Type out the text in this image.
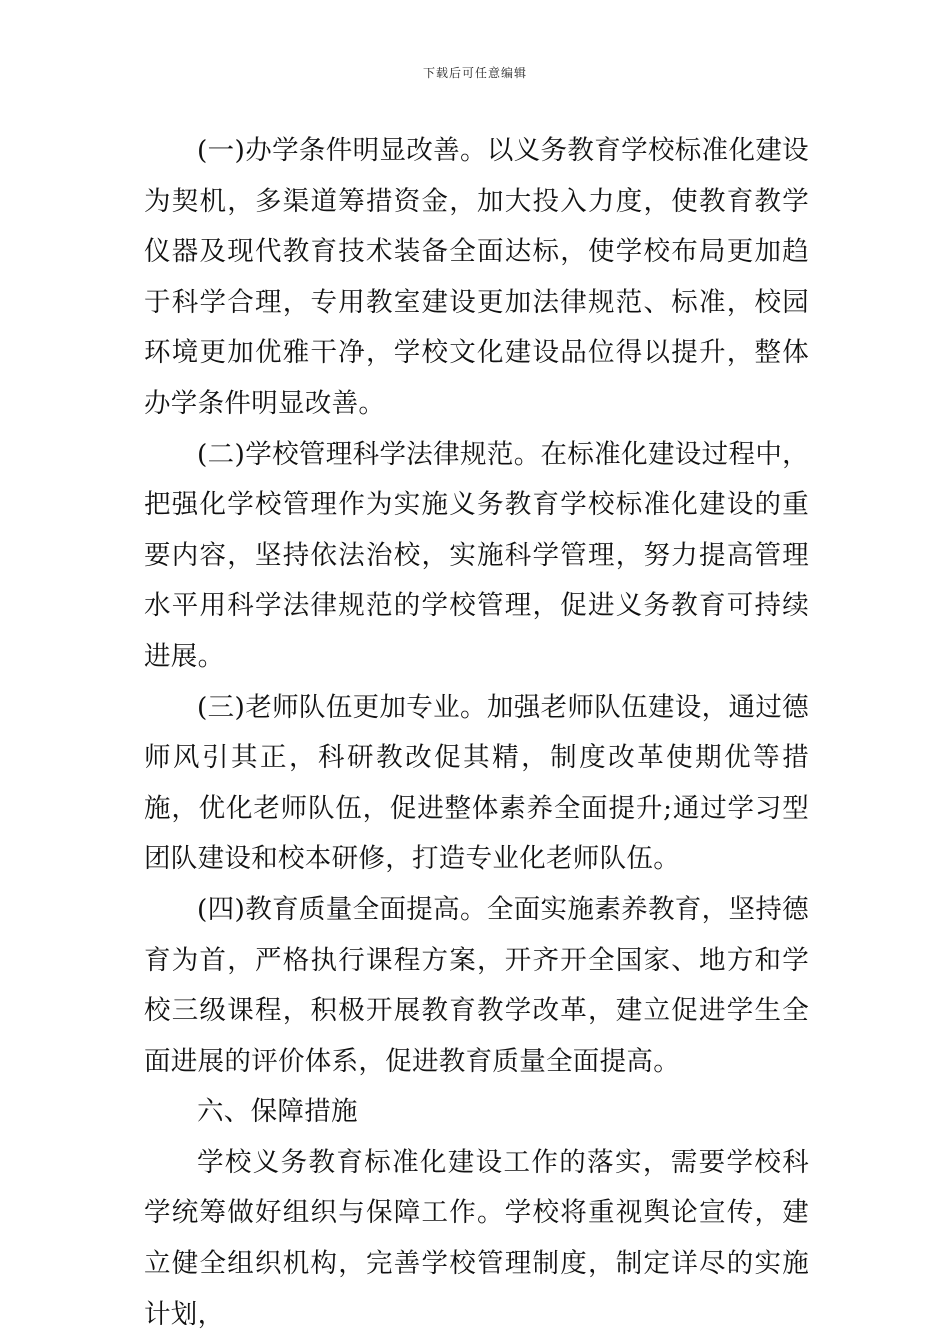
下载后可任意编辑

(一)办学条件明显改善。以义务教育学校标准化建设为契机，多渠道筹措资金，加大投入力度，使教育教学仪器及现代教育技术装备全面达标，使学校布局更加趋于科学合理，专用教室建设更加法律规范、标准，校园环境更加优雅干净，学校文化建设品位得以提升，整体办学条件明显改善。

(二)学校管理科学法律规范。在标准化建设过程中，把强化学校管理作为实施义务教育学校标准化建设的重要内容，坚持依法治校，实施科学管理，努力提高管理水平用科学法律规范的学校管理，促进义务教育可持续进展。

(三)老师队伍更加专业。加强老师队伍建设，通过德师风引其正，科研教改促其精，制度改革使期优等措施，优化老师队伍，促进整体素养全面提升;通过学习型团队建设和校本研修，打造专业化老师队伍。

(四)教育质量全面提高。全面实施素养教育，坚持德育为首，严格执行课程方案，开齐开全国家、地方和学校三级课程，积极开展教育教学改革，建立促进学生全面进展的评价体系，促进教育质量全面提高。

六、保障措施

学校义务教育标准化建设工作的落实，需要学校科学统筹做好组织与保障工作。学校将重视舆论宣传，建立健全组织机构，完善学校管理制度，制定详尽的实施计划，
